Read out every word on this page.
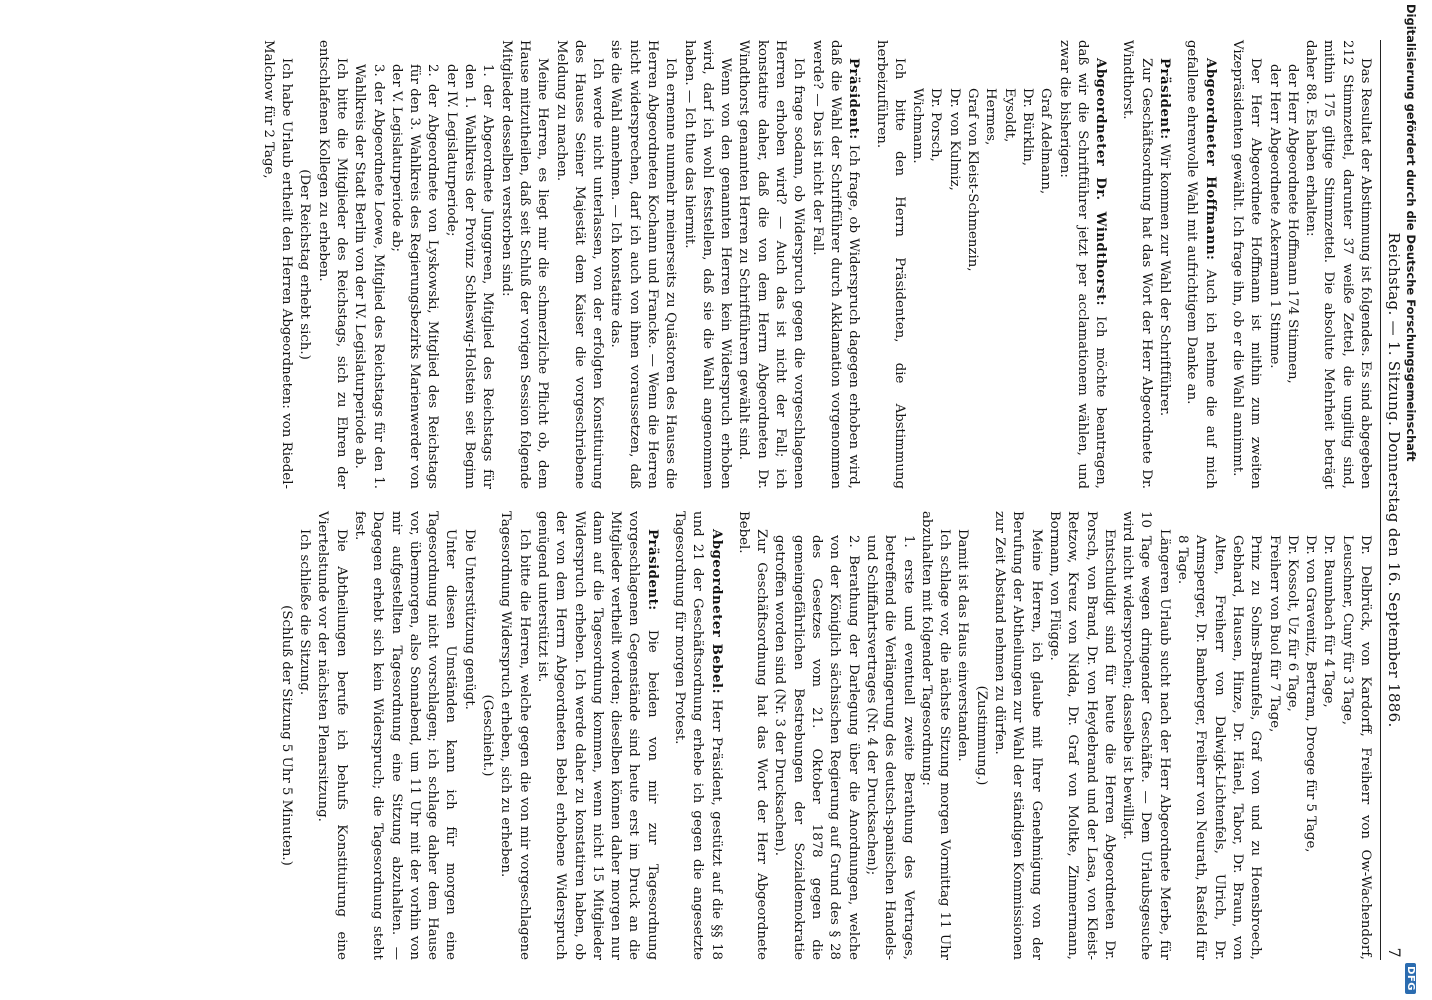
Reichstag. — 1. Sitzung. Donnerstag den 16. September 1886.
7

Das Resultat der Abstimmung ist folgendes. Es sind abgegeben 212 Stimmzettel, darunter 37 weiße Zettel, die ungiltig sind, mithin 175 giltige Stimmzettel. Die absolute Mehrheit beträgt daher 88. Es haben erhalten:

der Herr Abgeordnete Hoffmann 174 Stimmen,

der Herr Abgeordnete Ackermann 1 Stimme.

Der Herr Abgeordnete Hoffmann ist mithin zum zweiten Vizepräsidenten gewählt. Ich frage ihn, ob er die Wahl annimmt.

Abgeordneter Hoffmann: Auch ich nehme die auf mich gefallene ehrenvolle Wahl mit aufrichtigem Danke an.

Präsident: Wir kommen zur Wahl der Schriftführer.

Zur Geschäftsordnung hat das Wort der Herr Abgeordnete Dr. Windthorst.

Abgeordneter Dr. Windthorst: Ich möchte beantragen, daß wir die Schriftführer jetzt per acclamationem wählen, und zwar die bisherigen:

Graf Adelmann,

Dr. Bürklin,

Eysoldt,

Hermes,

Graf von Kleist-Schmenzin,

Dr. von Kulmiz,

Dr. Porsch,

Wichmann.

Ich bitte den Herrn Präsidenten, die Abstimmung herbeizuführen.

Präsident: Ich frage, ob Widerspruch dagegen erhoben wird, daß die Wahl der Schriftführer durch Akklamation vorgenommen werde? — Das ist nicht der Fall.

Ich frage sodann, ob Widerspruch gegen die vorgeschlagenen Herren erhoben wird? — Auch das ist nicht der Fall; ich konstatire daher, daß die von dem Herrn Abgeordneten Dr. Windthorst genannten Herren zu Schriftführern gewählt sind.

Wenn von den genannten Herren kein Widerspruch erhoben wird, darf ich wohl feststellen, daß sie die Wahl angenommen haben. — Ich thue das hiermit.

Ich ernenne nunmehr meinerseits zu Quästoren des Hauses die Herren Abgeordneten Kochann und Francke. — Wenn die Herren nicht widersprechen, darf ich auch von ihnen voraussetzen, daß sie die Wahl annehmen. — Ich konstatire das.

Ich werde nicht unterlassen, von der erfolgten Konstituirung des Hauses Seiner Majestät dem Kaiser die vorgeschriebene Meldung zu machen.

Meine Herren, es liegt mir die schmerzliche Pflicht ob, dem Hause mitzutheilen, daß seit Schluß der vorigen Session folgende Mitglieder desselben verstorben sind:

1. der Abgeordnete Junggreen, Mitglied des Reichstags für den 1. Wahlkreis der Provinz Schleswig-Holstein seit Beginn der IV. Legislaturperiode;

2. der Abgeordnete von Lyskowski, Mitglied des Reichstags für den 3. Wahlkreis des Regierungsbezirks Marienwerder von der V. Legislaturperiode ab;

3. der Abgeordnete Loewe, Mitglied des Reichstags für den 1. Wahlkreis der Stadt Berlin von der IV. Legislaturperiode ab.

Ich bitte die Mitglieder des Reichstags, sich zu Ehren der entschlafenen Kollegen zu erheben.

(Der Reichstag erhebt sich.)

Ich habe Urlaub ertheilt den Herren Abgeordneten: von Riedel-Malchow für 2 Tage,

Dr. Delbrück, von Kardorff, Freiherr von Ow-Wachendorf, Leuschner, Cuny für 3 Tage,

Dr. Baumbach für 4 Tage,

Dr. von Gravenitz, Bertram, Droege für 5 Tage,

Dr. Kossolt, Uz für 6 Tage,

Freiherr von Buol für 7 Tage,

Prinz zu Solms-Braunfels, Graf von und zu Hoensbroech, Gebhard, Hausen, Hinze, Dr. Hänel, Tabor, Dr. Braun, von Alten, Freiherr von Dalwigk-Lichtenfels, Ulrich, Dr. Armsperger, Dr. Bamberger, Freiherr von Neurath, Rasfeld für 8 Tage.

Längeren Urlaub sucht nach der Herr Abgeordnete Merbe, für 10 Tage wegen dringender Geschäfte. — Dem Urlaubsgesuche wird nicht widersprochen; dasselbe ist bewilligt.

Entschuldigt sind für heute die Herren Abgeordneten Dr. Porsch, von Brand, Dr. von Heydebrand und der Lasa, von Kleist-Retzow, Kreuz von Nidda, Dr. Graf von Moltke, Zimmermann, Bormann, von Flügge.

Meine Herren, ich glaube mit Ihrer Genehmigung von der Berufung der Abtheilungen zur Wahl der ständigen Kommissionen zur Zeit Abstand nehmen zu dürfen.

(Zustimmung.)

Damit ist das Haus einverstanden.

Ich schlage vor, die nächste Sitzung morgen Vormittag 11 Uhr abzuhalten mit folgender Tagesordnung:

1. erste und eventuell zweite Berathung des Vertrages, betreffend die Verlängerung des deutsch-spanischen Handels- und Schiffahrtsvertrages (Nr. 4 der Drucksachen);

2. Berathung der Darlegung über die Anordnungen, welche von der Königlich sächsischen Regierung auf Grund des § 28 des Gesetzes vom 21. Oktober 1878 gegen die gemeingefährlichen Bestrebungen der Sozialdemokratie getroffen worden sind (Nr. 3 der Drucksachen).

Zur Geschäftsordnung hat das Wort der Herr Abgeordnete Bebel.

Abgeordneter Bebel: Herr Präsident, gestützt auf die §§ 18 und 21 der Geschäftsordnung erhebe ich gegen die angesetzte Tagesordnung für morgen Protest.

Präsident: Die beiden von mir zur Tagesordnung vorgeschlagenen Gegenstände sind heute erst im Druck an die Mitglieder vertheilt worden; dieselben können daher morgen nur dann auf die Tagesordnung kommen, wenn nicht 15 Mitglieder Widerspruch erheben. Ich werde daher zu konstatiren haben, ob der von dem Herrn Abgeordneten Bebel erhobene Widerspruch genügend unterstützt ist.

Ich bitte die Herren, welche gegen die von mir vorgeschlagene Tagesordnung Widerspruch erheben, sich zu erheben.

(Geschieht.)

Die Unterstützung genügt.

Unter diesen Umständen kann ich für morgen eine Tagesordnung nicht vorschlagen; ich schlage daher dem Hause vor, übermorgen, also Sonnabend, um 11 Uhr mit der vorhin von mir aufgestellten Tagesordnung eine Sitzung abzuhalten. — Dagegen erhebt sich kein Widerspruch; die Tagesordnung steht fest.

Die Abtheilungen berufe ich behufs Konstituirung eine Viertelstunde vor der nächsten Plenarsitzung.

Ich schließe die Sitzung.

(Schluß der Sitzung 5 Uhr 5 Minuten.)

Digitalisierung gefördert durch die Deutsche Forschungsgemeinschaft
DFG
